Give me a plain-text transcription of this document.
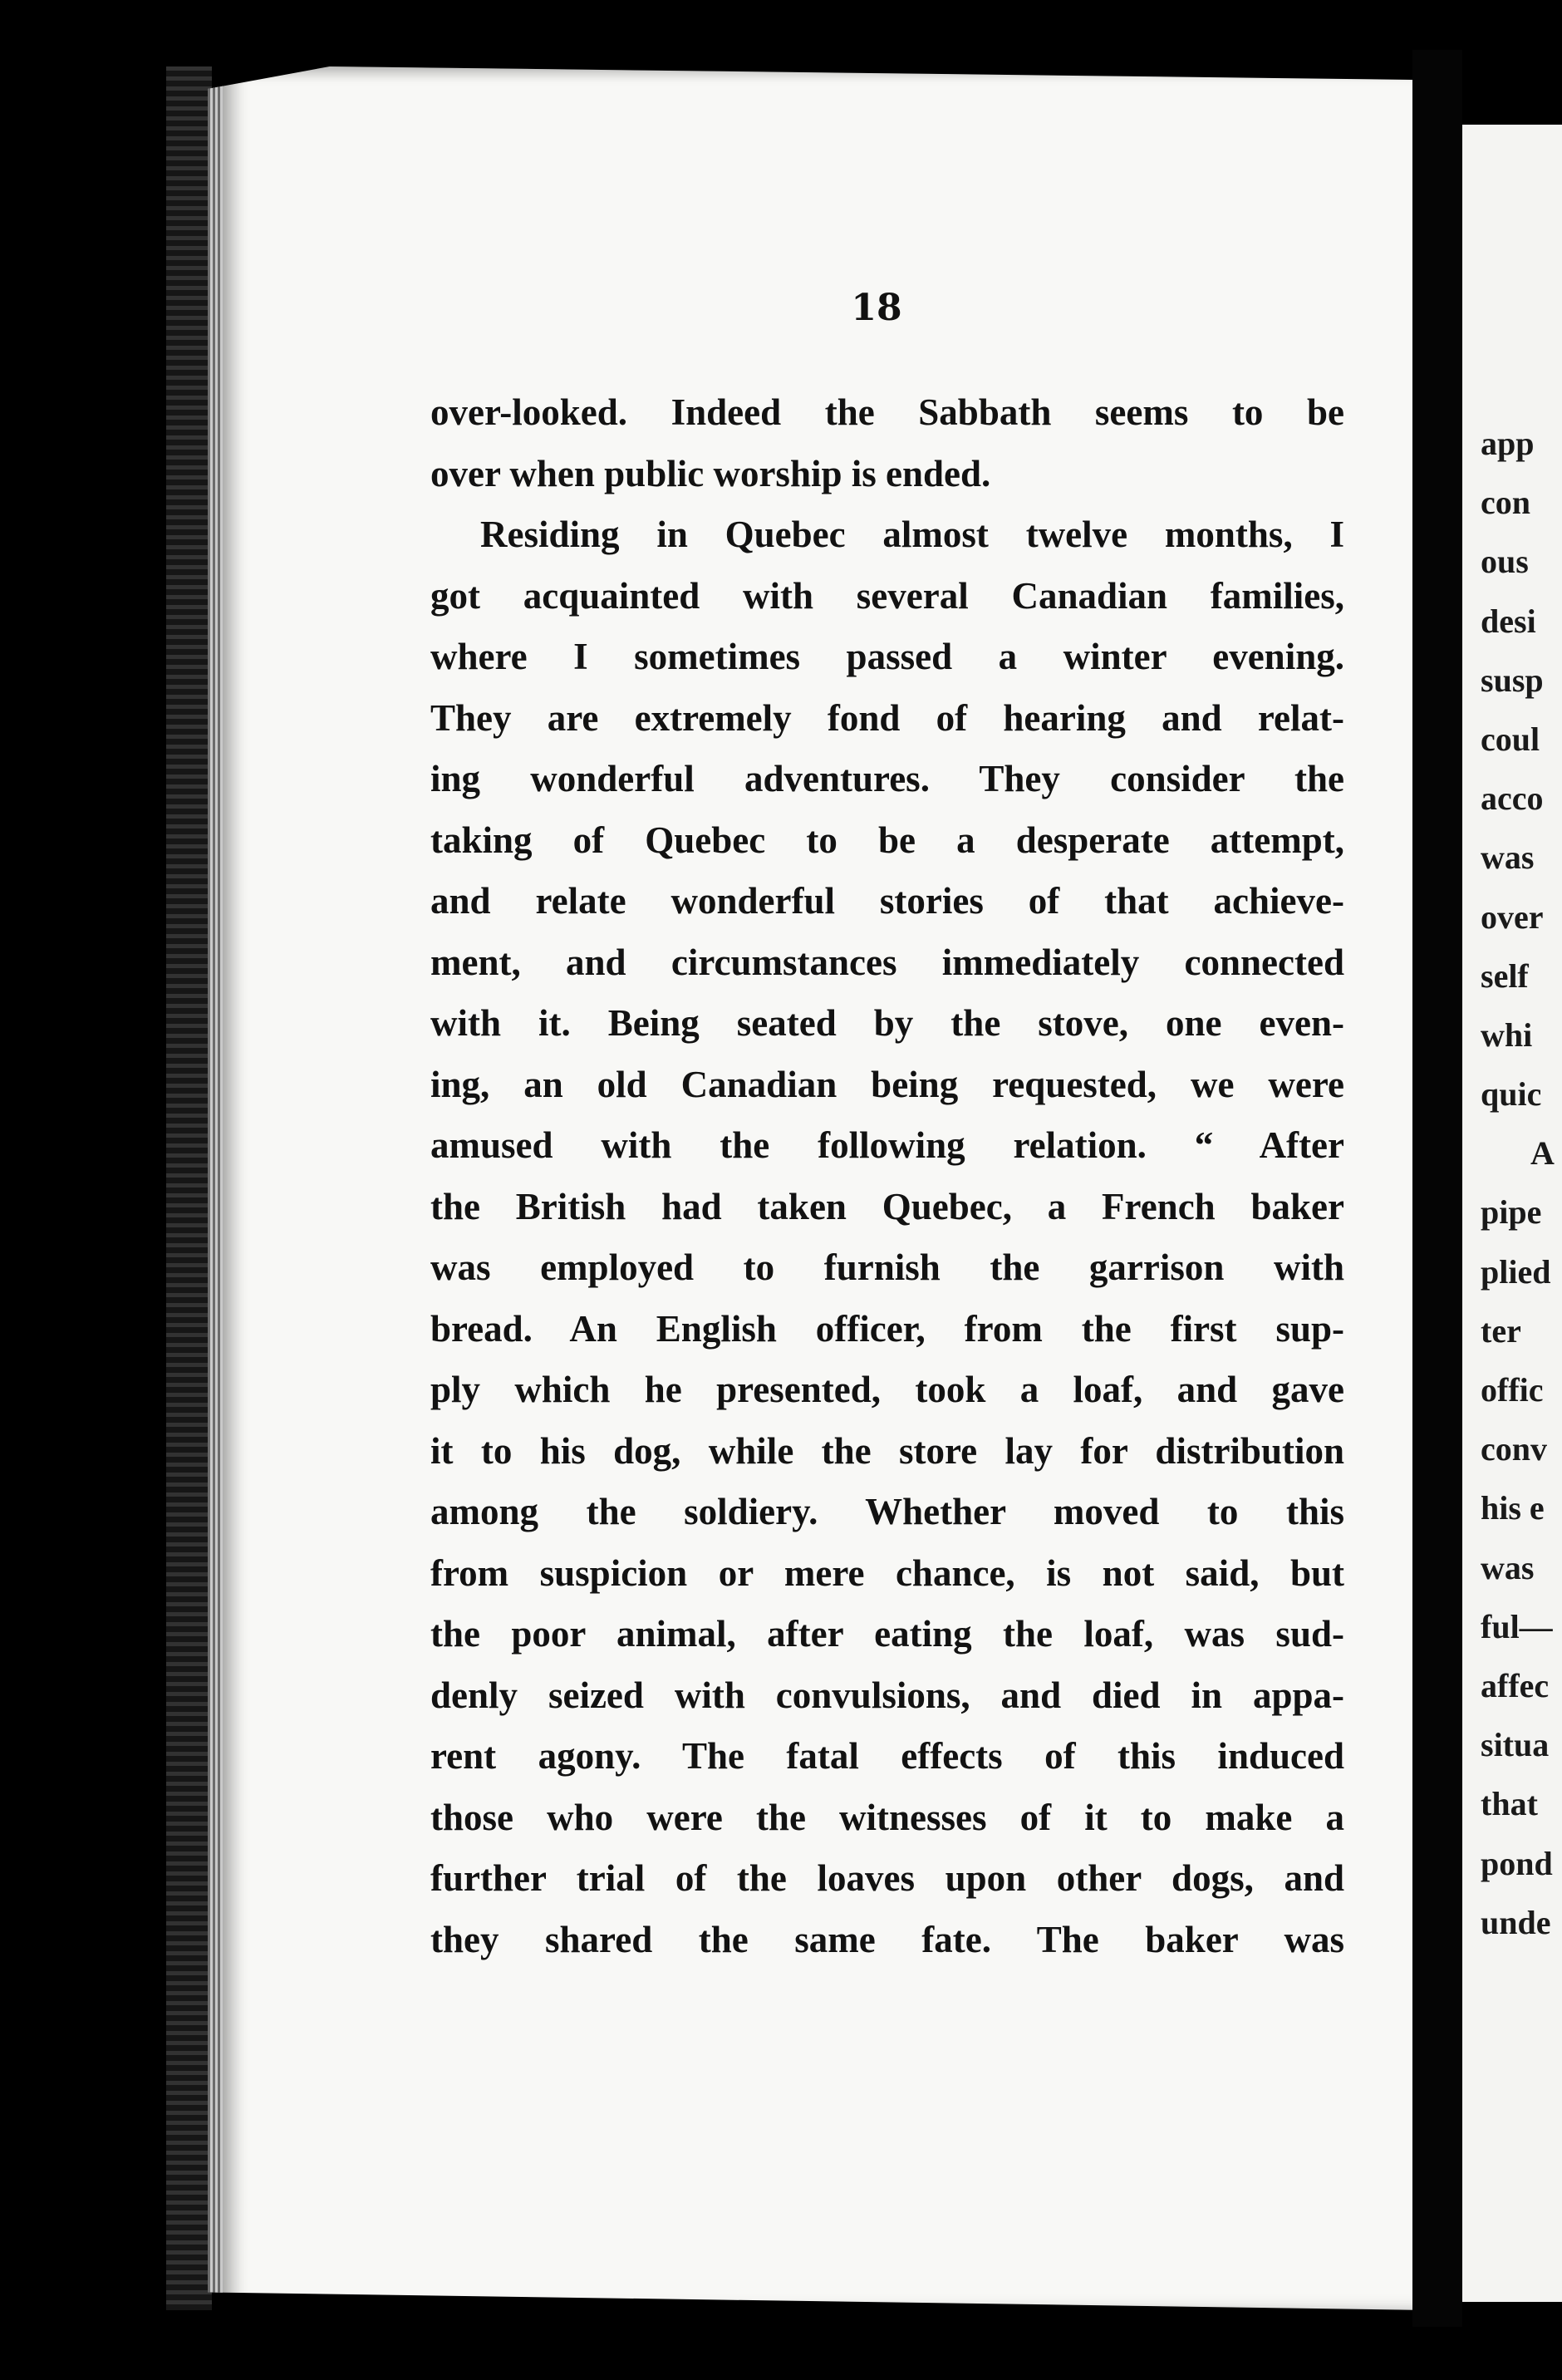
18
over-looked. Indeed the Sabbath seems to be
over when public worship is ended.
Residing in Quebec almost twelve months, I
got acquainted with several Canadian families,
where I sometimes passed a winter evening.
They are extremely fond of hearing and relat-
ing wonderful adventures. They consider the
taking of Quebec to be a desperate attempt,
and relate wonderful stories of that achieve-
ment, and circumstances immediately connected
with it. Being seated by the stove, one even-
ing, an old Canadian being requested, we were
amused with the following relation. “ After
the British had taken Quebec, a French baker
was employed to furnish the garrison with
bread. An English officer, from the first sup-
ply which he presented, took a loaf, and gave
it to his dog, while the store lay for distribution
among the soldiery. Whether moved to this
from suspicion or mere chance, is not said, but
the poor animal, after eating the loaf, was sud-
denly seized with convulsions, and died in appa-
rent agony. The fatal effects of this induced
those who were the witnesses of it to make a
further trial of the loaves upon other dogs, and
they shared the same fate. The baker was
app
con
ous
desi
susp
coul
acco
was
over
self
whi
quic
A
pipe
plied
ter
offic
conv
his e
was
ful—
affec
situa
that
pond
unde
